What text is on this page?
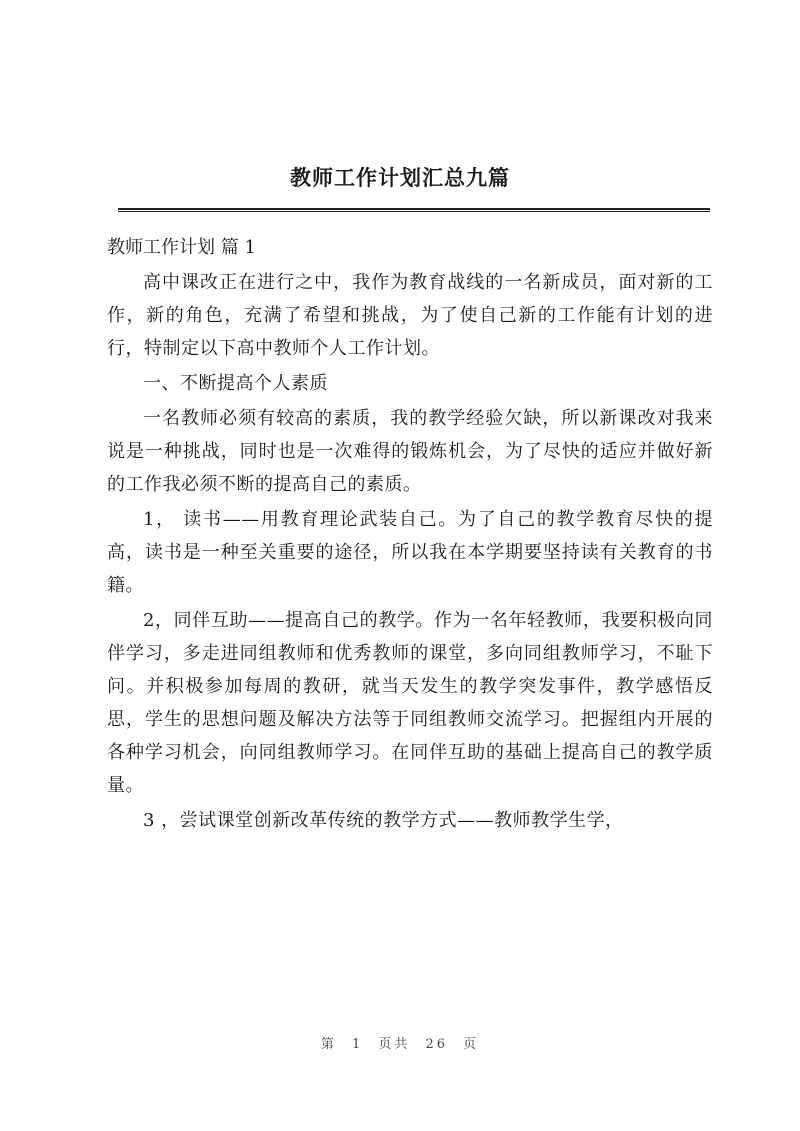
教师工作计划汇总九篇

教师工作计划 篇 1

高中课改正在进行之中，我作为教育战线的一名新成员，面对新的工作，新的角色，充满了希望和挑战，为了使自己新的工作能有计划的进行，特制定以下高中教师个人工作计划。

一、不断提高个人素质

一名教师必须有较高的素质，我的教学经验欠缺，所以新课改对我来说是一种挑战，同时也是一次难得的锻炼机会，为了尽快的适应并做好新的工作我必须不断的提高自己的素质。

1， 读书——用教育理论武装自己。为了自己的教学教育尽快的提高，读书是一种至关重要的途径，所以我在本学期要坚持读有关教育的书籍。

2，同伴互助——提高自己的教学。作为一名年轻教师，我要积极向同伴学习，多走进同组教师和优秀教师的课堂，多向同组教师学习，不耻下问。并积极参加每周的教研，就当天发生的教学突发事件，教学感悟反思，学生的思想问题及解决方法等于同组教师交流学习。把握组内开展的各种学习机会，向同组教师学习。在同伴互助的基础上提高自己的教学质量。

3 ，尝试课堂创新改革传统的教学方式——教师教学生学，

第 1 页共 26 页
